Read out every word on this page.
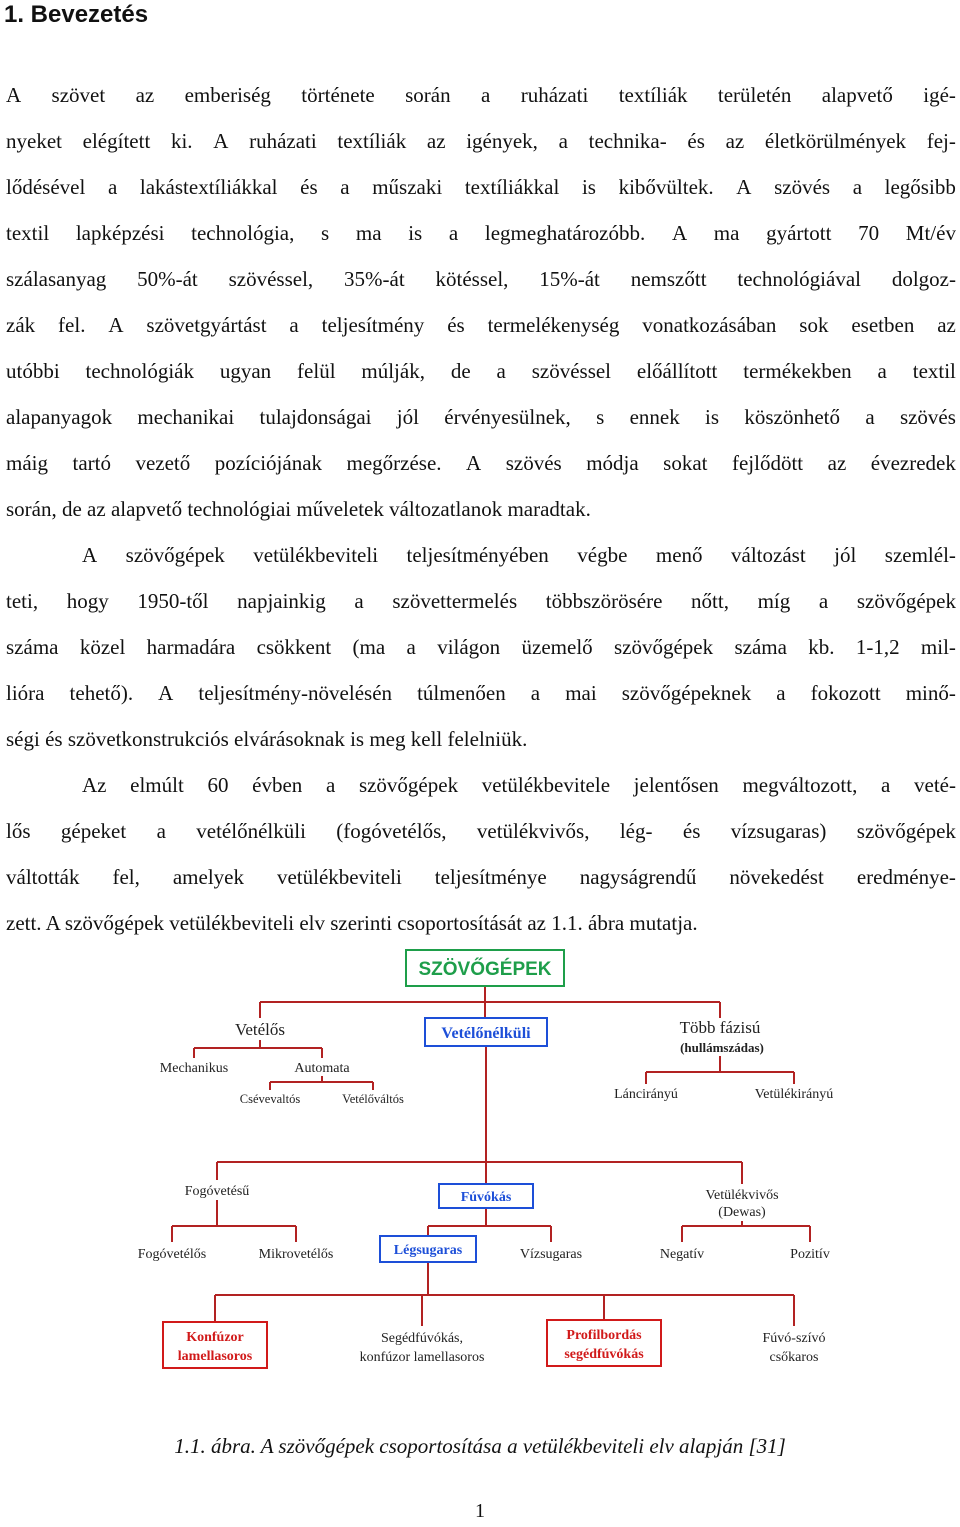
1. Bevezetés
A szövet az emberiség története során a ruházati textíliák területén alapvető igé-
nyeket elégített ki. A ruházati textíliák az igények, a technika- és az életkörülmények fej-
lődésével a lakástextíliákkal és a műszaki textíliákkal is kibővültek. A szövés a legősibb
textil lapképzési technológia, s ma is a legmeghatározóbb. A ma gyártott 70 Mt/év
szálasanyag 50%-át szövéssel, 35%-át kötéssel, 15%-át nemszőtt technológiával dolgoz-
zák fel. A szövetgyártást a teljesítmény és termelékenység vonatkozásában sok esetben az
utóbbi technológiák ugyan felül múlják, de a szövéssel előállított termékekben a textil
alapanyagok mechanikai tulajdonságai jól érvényesülnek, s ennek is köszönhető a szövés
máig tartó vezető pozíciójának megőrzése. A szövés módja sokat fejlődött az évezredek
során, de az alapvető technológiai műveletek változatlanok maradtak.
A szövőgépek vetülékbeviteli teljesítményében végbe menő változást jól szemlél-
teti, hogy 1950-től napjainkig a szövettermelés többszörösére nőtt, míg a szövőgépek
száma közel harmadára csökkent (ma a világon üzemelő szövőgépek száma kb. 1-1,2 mil-
lióra tehető). A teljesítmény-növelésén túlmenően a mai szövőgépeknek a fokozott minő-
ségi és szövetkonstrukciós elvárásoknak is meg kell felelniük.
Az elmúlt 60 évben a szövőgépek vetülékbevitele jelentősen megváltozott, a veté-
lős gépeket a vetélőnélküli (fogóvetélős, vetülékvivős, lég- és vízsugaras) szövőgépek
váltották fel, amelyek vetülékbeviteli teljesítménye nagyságrendű növekedést eredménye-
zett. A szövőgépek vetülékbeviteli elv szerinti csoportosítását az 1.1. ábra mutatja.
SZÖVŐGÉPEK
Vetélős	Vetélőnélküli	Több fázisú
(hullámszádas)
Mechanikus	Automata
Csévevaltós	Vetélőváltós	Láncirányú	Vetülékirányú
Fogóvetésű	Fúvókás	Vetülékvivős
(Dewas)
Fogóvetélős	Mikrovetélős	Légsugaras	Vízsugaras	Negatív	Pozitív
Konfúzor
lamellasoros
Segédfúvókás,
konfúzor lamellasoros
Profilbordás
segédfúvókás
Fúvó-szívó
csőkaros
1.1. ábra. A szövőgépek csoportosítása a vetülékbeviteli elv alapján [31]
1
